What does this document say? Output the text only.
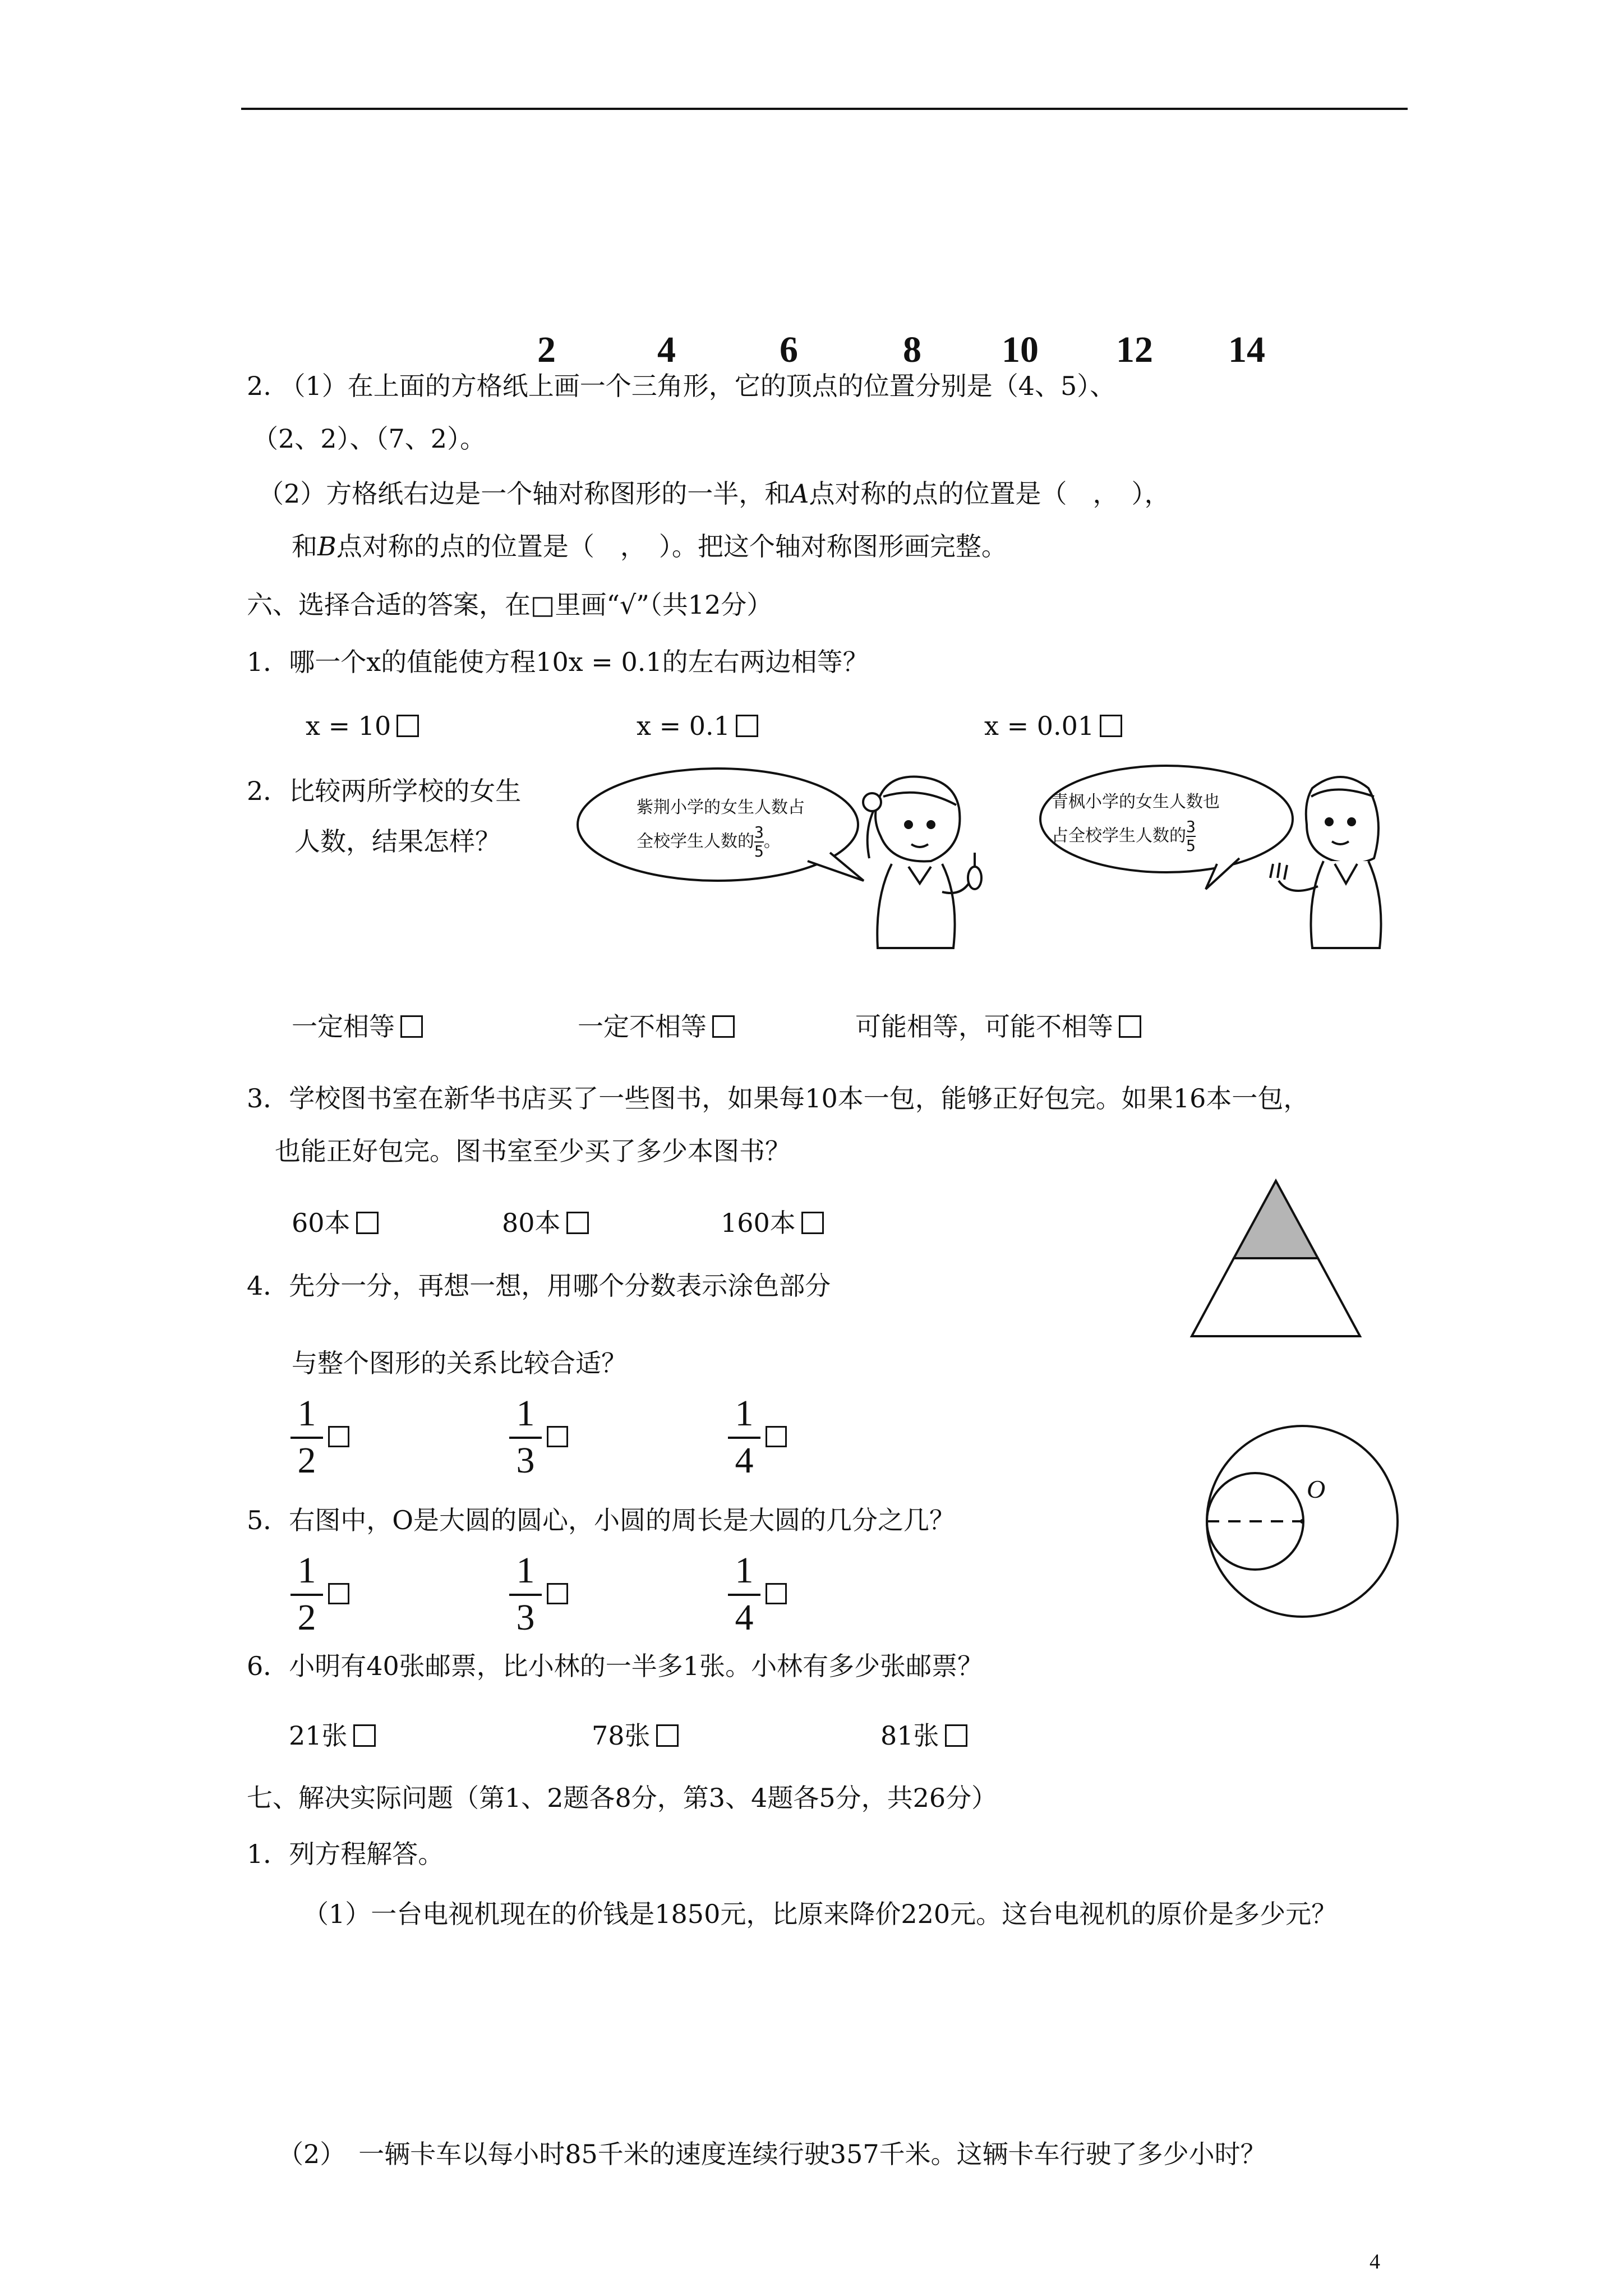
2	4	6	8 10 12 14
2. （1）在上面的方格纸上画一个三角形，它的顶点的位置分别是（4、5）、
（2、2）、（7、2）。
（2）方格纸右边是一个轴对称图形的一半，和A点对称的点的位置是（　，　），
和B点对称的点的位置是（　，　）。把这个轴对称图形画完整。
六、选择合适的答案，在□里画“√”（共12分）
1．哪一个x的值能使方程10x = 0.1的左右两边相等？
x = 10	x = 0.1	x = 0.01
2．比较两所学校的女生
人数，结果怎样？
紫荆小学的女生人数占
全校学生人数的$\frac{3}{5}$。
青枫小学的女生人数也
占全校学生人数的$\frac{3}{5}$
一定相等	一定不相等	可能相等，可能不相等
3．学校图书室在新华书店买了一些图书，如果每10本一包，能够正好包完。如果16本一包，
也能正好包完。图书室至少买了多少本图书？
60本	80本	160本
4．先分一分，再想一想，用哪个分数表示涂色部分
与整个图形的关系比较合适？
1
2
1
3
1
4
O
5．右图中，O是大圆的圆心，小圆的周长是大圆的几分之几？
1
2
1
3
1
4
6．小明有40张邮票，比小林的一半多1张。小林有多少张邮票？
21张	78张	81张
七、解决实际问题（第1、2题各8分，第3、4题各5分，共26分）
1．列方程解答。
（1）一台电视机现在的价钱是1850元，比原来降价220元。这台电视机的原价是多少元？
（2）　一辆卡车以每小时85千米的速度连续行驶357千米。这辆卡车行驶了多少小时？
4
